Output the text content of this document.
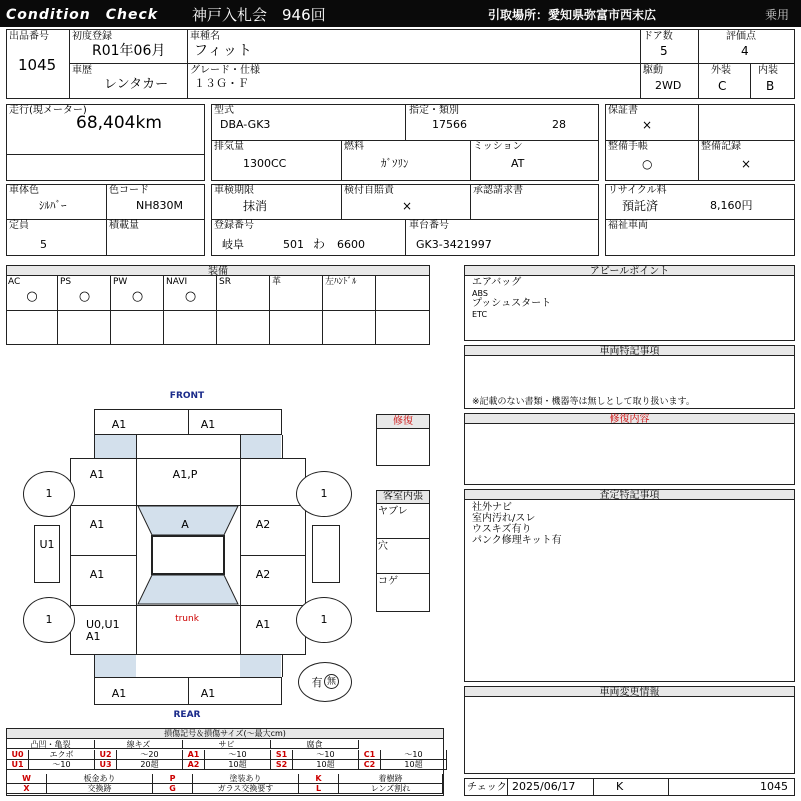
Condition　Check 神戸入札会　946回	引取場所：愛知県弥富市西末広	乗用
出品番号
1045
初度登録
R01年06月
車種名
フィット
ドア数
5
評価点
4
車歴
レンタカー
グレード・仕様
１３Ｇ・Ｆ
駆動
2WD
外装
C
内装
B
走行(現メーター)
68,404km
型式
DBA-GK3
指定・類別
17566	28
排気量
1300CC
燃料
ｶﾞｿﾘﾝ
ミッション
AT
保証書
×
整備手帳
○
整備記録
×
車体色
ｼﾙﾊﾞｰ
色コード
NH830M
定員
5
積載量
車検期限
抹消
検付自賠責
×
承認請求書
登録番号
岐阜	501 わ 6600
車台番号
GK3-3421997
リサイクル料
預託済	8,160円
福祉車両
装備
AC
○
PS
○
PW
○
NAVI
○
SR	革	左ﾊﾝﾄﾞﾙ
FRONT
REAR
有 無
A1	A1
A1	A1,P
A1	A	A2
A1	A2
U0,U1
A1
A1
trunk
A1	A1
1	1
1	1
U1
修復
客室内張
ヤブレ
穴
コゲ
アピールポイント
エアバッグ
ABS
プッシュスタート
ETC
車両特記事項
※記載のない書類・機器等は無しとして取り扱います。
修復内容
査定特記事項
社外ナビ
室内汚れ/スレ
ウスキズ有り
パンク修理キット有
車両変更情報
チェック 2025/06/17	K	1045
損傷記号＆損傷サイズ(～最大cm)
凸凹・亀裂	線キズ	サビ	腐食
U0	エクボ	U2	～20	A1	～10	S1	～10	C1	～10
U1	～10	U3	20超	A2	10超	S2	10超	C2	10超
W	板金あり	P	塗装あり	K	着樹跡
X	交換跡	G	ガラス交換要す	L	レンズ割れ
